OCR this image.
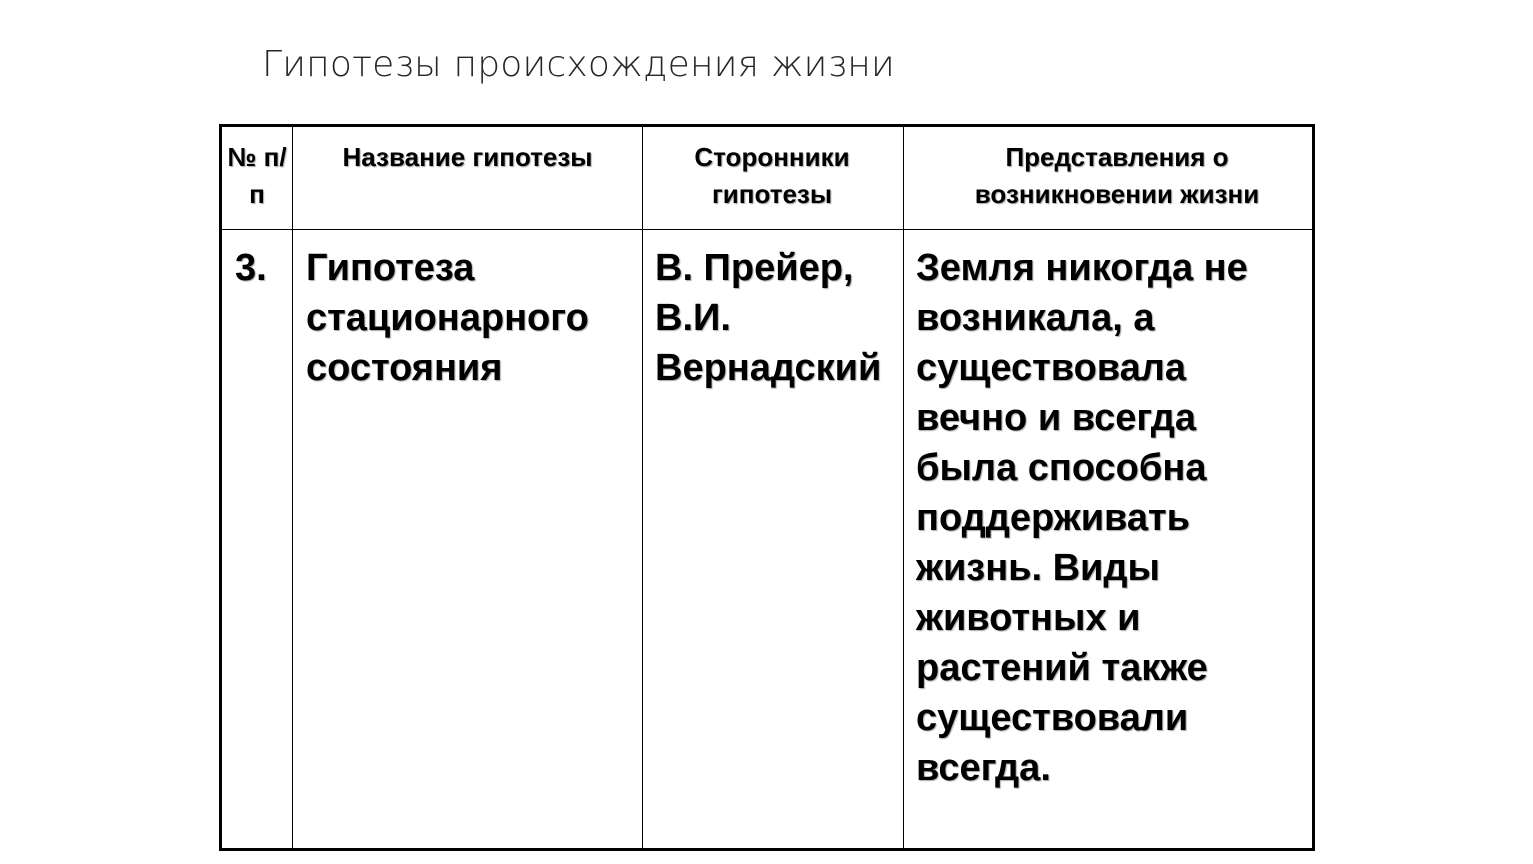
Гипотезы происхождения жизни
№ п/п
Название гипотезы	Сторонники гипотезы
Представления о возникновении жизни
3.	Гипотеза стационарного состояния
В. Прейер, В.И. Вернадский
Земля никогда не возникала, а существовала вечно и всегда была способна поддерживать жизнь. Виды животных и растений также существовали всегда.
